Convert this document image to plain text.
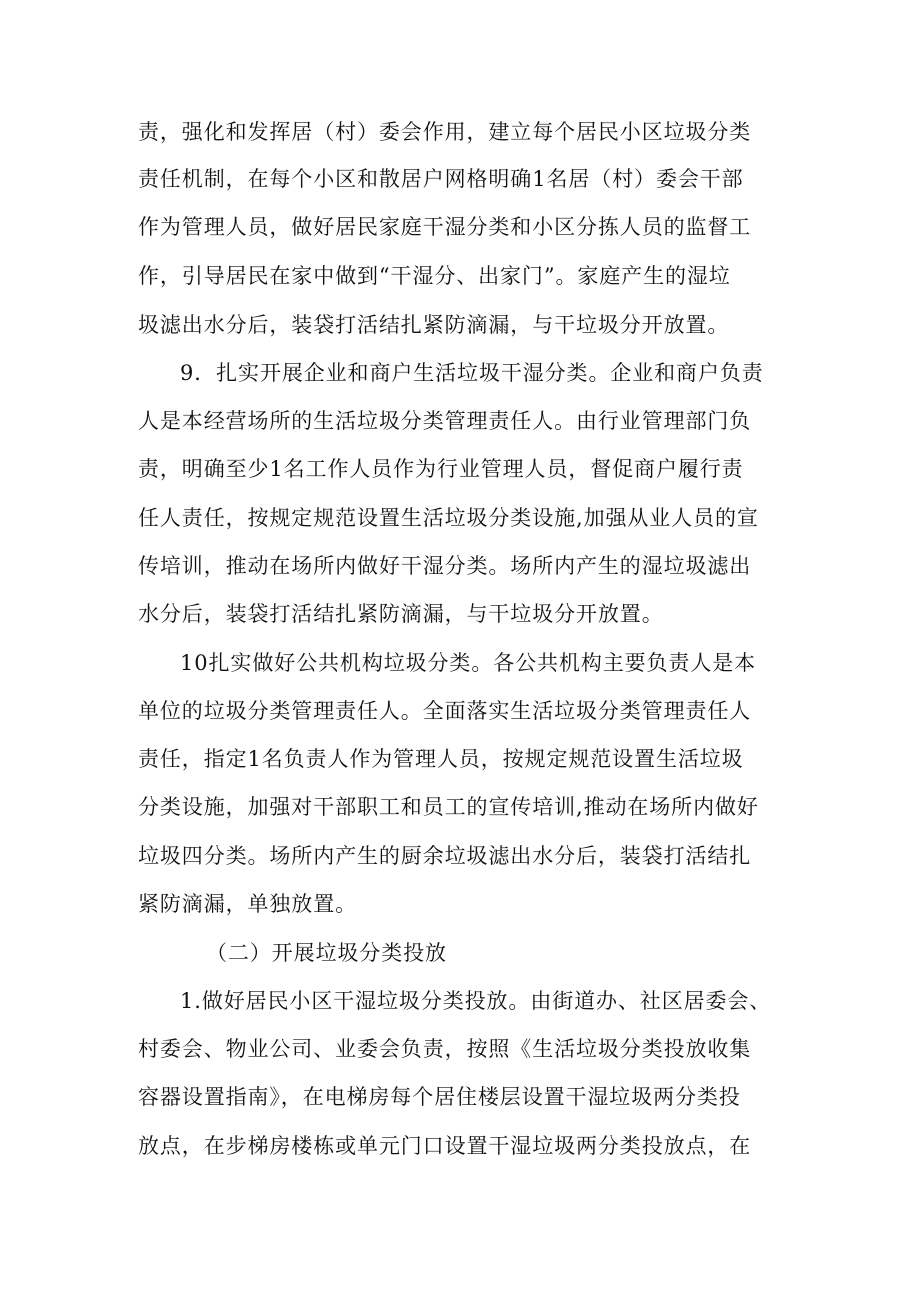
责，强化和发挥居（村）委会作用，建立每个居民小区垃圾分类
责任机制，在每个小区和散居户网格明确1名居（村）委会干部
作为管理人员，做好居民家庭干湿分类和小区分拣人员的监督工
作，引导居民在家中做到“干湿分、出家门”。家庭产生的湿垃
圾滤出水分后，装袋打活结扎紧防滴漏，与干垃圾分开放置。
9．扎实开展企业和商户生活垃圾干湿分类。企业和商户负责
人是本经营场所的生活垃圾分类管理责任人。由行业管理部门负
责，明确至少1名工作人员作为行业管理人员，督促商户履行责
任人责任，按规定规范设置生活垃圾分类设施,加强从业人员的宣
传培训，推动在场所内做好干湿分类。场所内产生的湿垃圾滤出
水分后，装袋打活结扎紧防滴漏，与干垃圾分开放置。
10扎实做好公共机构垃圾分类。各公共机构主要负责人是本
单位的垃圾分类管理责任人。全面落实生活垃圾分类管理责任人
责任，指定1名负责人作为管理人员，按规定规范设置生活垃圾
分类设施，加强对干部职工和员工的宣传培训,推动在场所内做好
垃圾四分类。场所内产生的厨余垃圾滤出水分后，装袋打活结扎
紧防滴漏，单独放置。
（二）开展垃圾分类投放
1.做好居民小区干湿垃圾分类投放。由街道办、社区居委会、
村委会、物业公司、业委会负责，按照《生活垃圾分类投放收集
容器设置指南》，在电梯房每个居住楼层设置干湿垃圾两分类投
放点，在步梯房楼栋或单元门口设置干湿垃圾两分类投放点，在
